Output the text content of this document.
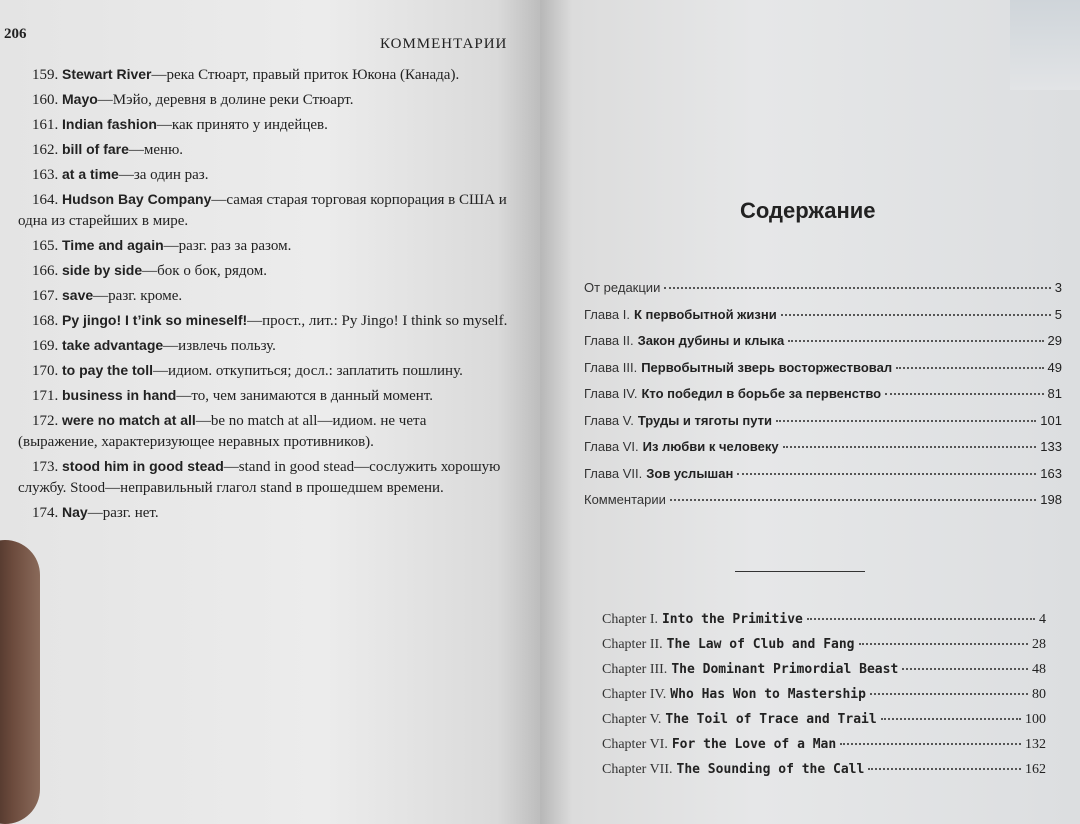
206
КОММЕНТАРИИ

159. Stewart River—река Стюарт, правый приток Юкона (Канада).

160. Mayo—Мэйо, деревня в долине реки Стюарт.

161. Indian fashion—как принято у индейцев.

162. bill of fare—меню.

163. at a time—за один раз.

164. Hudson Bay Company—самая старая торговая корпорация в США и одна из старейших в мире.

165. Time and again—разг. раз за разом.

166. side by side—бок о бок, рядом.

167. save—разг. кроме.

168. Py jingo! I t’ink so mineself!—прост., лит.: Py Jingo! I think so myself.

169. take advantage—извлечь пользу.

170. to pay the toll—идиом. откупиться; досл.: заплатить пошлину.

171. business in hand—то, чем занимаются в данный момент.

172. were no match at all—be no match at all—идиом. не чета (выражение, характеризующее неравных противников).

173. stood him in good stead—stand in good stead—сослужить хорошую службу. Stood—неправильный глагол stand в прошедшем времени.

174. Nay—разг. нет.

Содержание
От редакции	3
Глава I. К первобытной жизни	5
Глава II. Закон дубины и клыка	29
Глава III. Первобытный зверь восторжествовал	49
Глава IV. Кто победил в борьбе за первенство	81
Глава V. Труды и тяготы пути	101
Глава VI. Из любви к человеку	133
Глава VII. Зов услышан	163
Комментарии	198
Chapter I. Into the Primitive	4
Chapter II. The Law of Club and Fang	28
Chapter III. The Dominant Primordial Beast	48
Chapter IV. Who Has Won to Mastership	80
Chapter V. The Toil of Trace and Trail	100
Chapter VI. For the Love of a Man	132
Chapter VII. The Sounding of the Call	162
